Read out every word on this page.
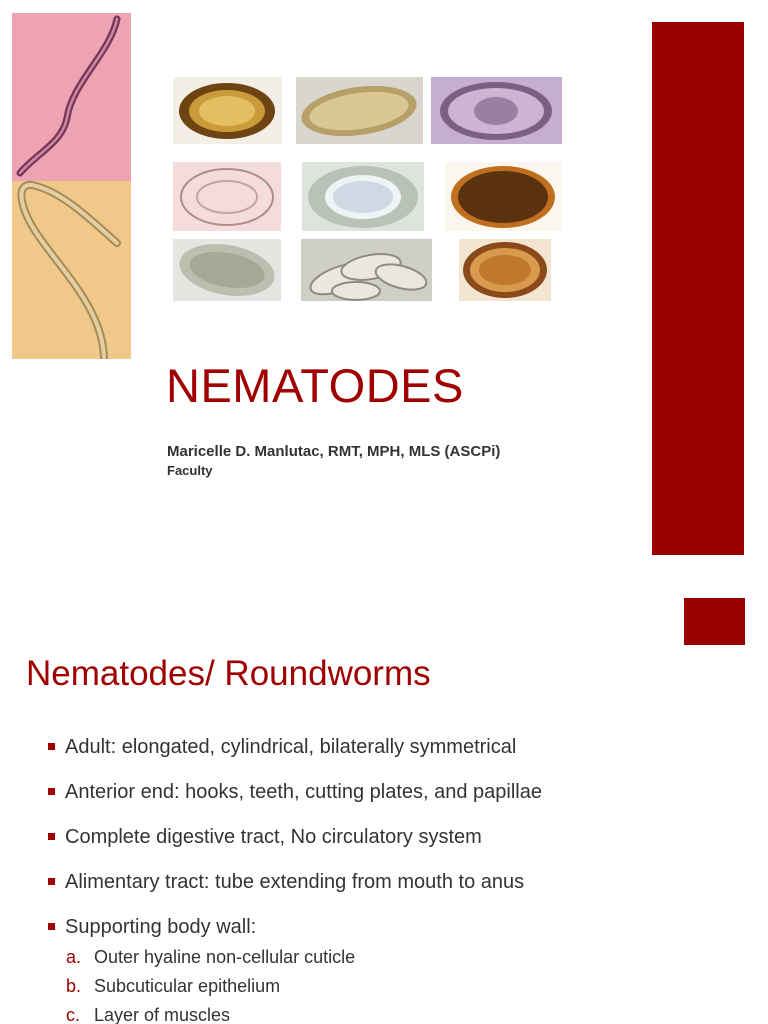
NEMATODES
Maricelle D. Manlutac, RMT, MPH, MLS (ASCPi)
Faculty
Nematodes/ Roundworms
Adult: elongated, cylindrical, bilaterally symmetrical
Anterior end: hooks, teeth, cutting plates, and papillae
Complete digestive tract, No circulatory system
Alimentary tract: tube extending from mouth to anus
Supporting body wall:
a. Outer hyaline non-cellular cuticle
b. Subcuticular epithelium
c. Layer of muscles
